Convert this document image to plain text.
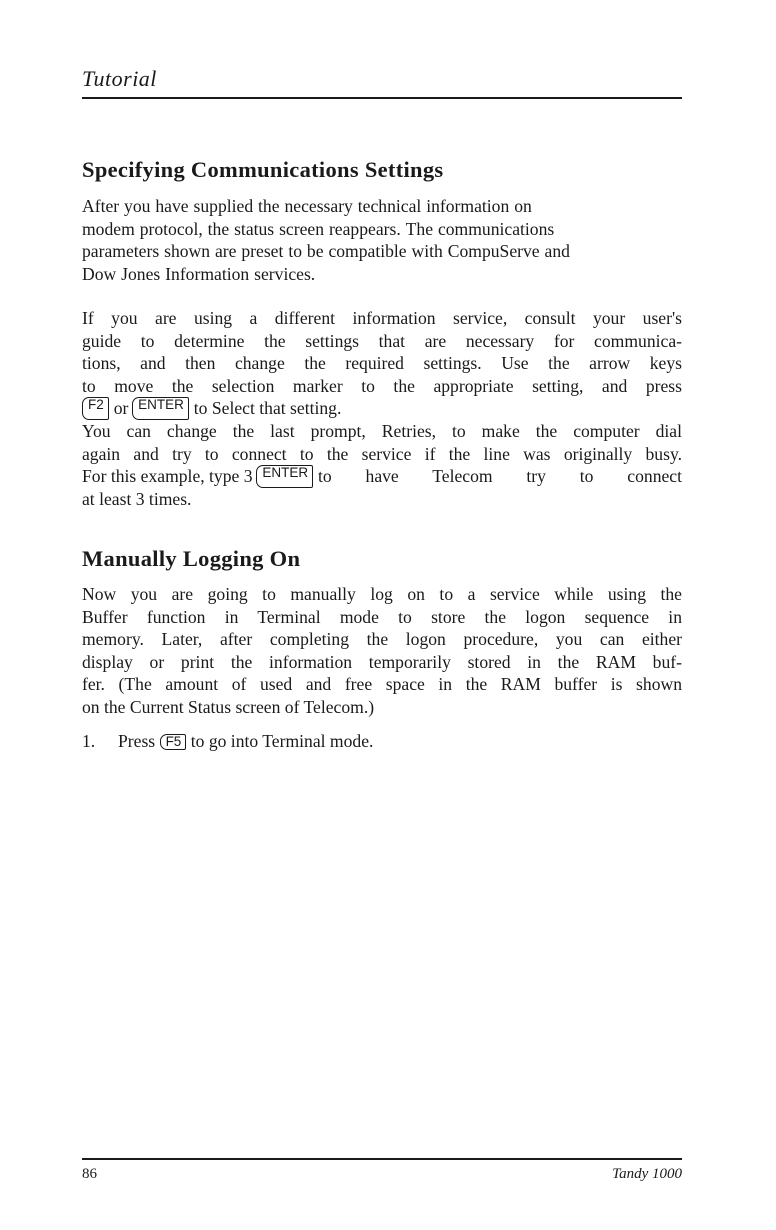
Tutorial
Specifying Communications Settings
After you have supplied the necessary technical information on
modem protocol, the status screen reappears. The communications
parameters shown are preset to be compatible with CompuServe and
Dow Jones Information services.
If you are using a different information service, consult your user's
guide to determine the settings that are necessary for communica-
tions, and then change the required settings. Use the arrow keys
to move the selection marker to the appropriate setting, and press
F2 or ENTER to Select that setting.
You can change the last prompt, Retries, to make the computer dial
again and try to connect to the service if the line was originally busy.
For this example, type 3 ENTER to have Telecom try to connect
at least 3 times.
Manually Logging On
Now you are going to manually log on to a service while using the
Buffer function in Terminal mode to store the logon sequence in
memory. Later, after completing the logon procedure, you can either
display or print the information temporarily stored in the RAM buf-
fer. (The amount of used and free space in the RAM buffer is shown
on the Current Status screen of Telecom.)
1. Press F5 to go into Terminal mode.
86	Tandy 1000
